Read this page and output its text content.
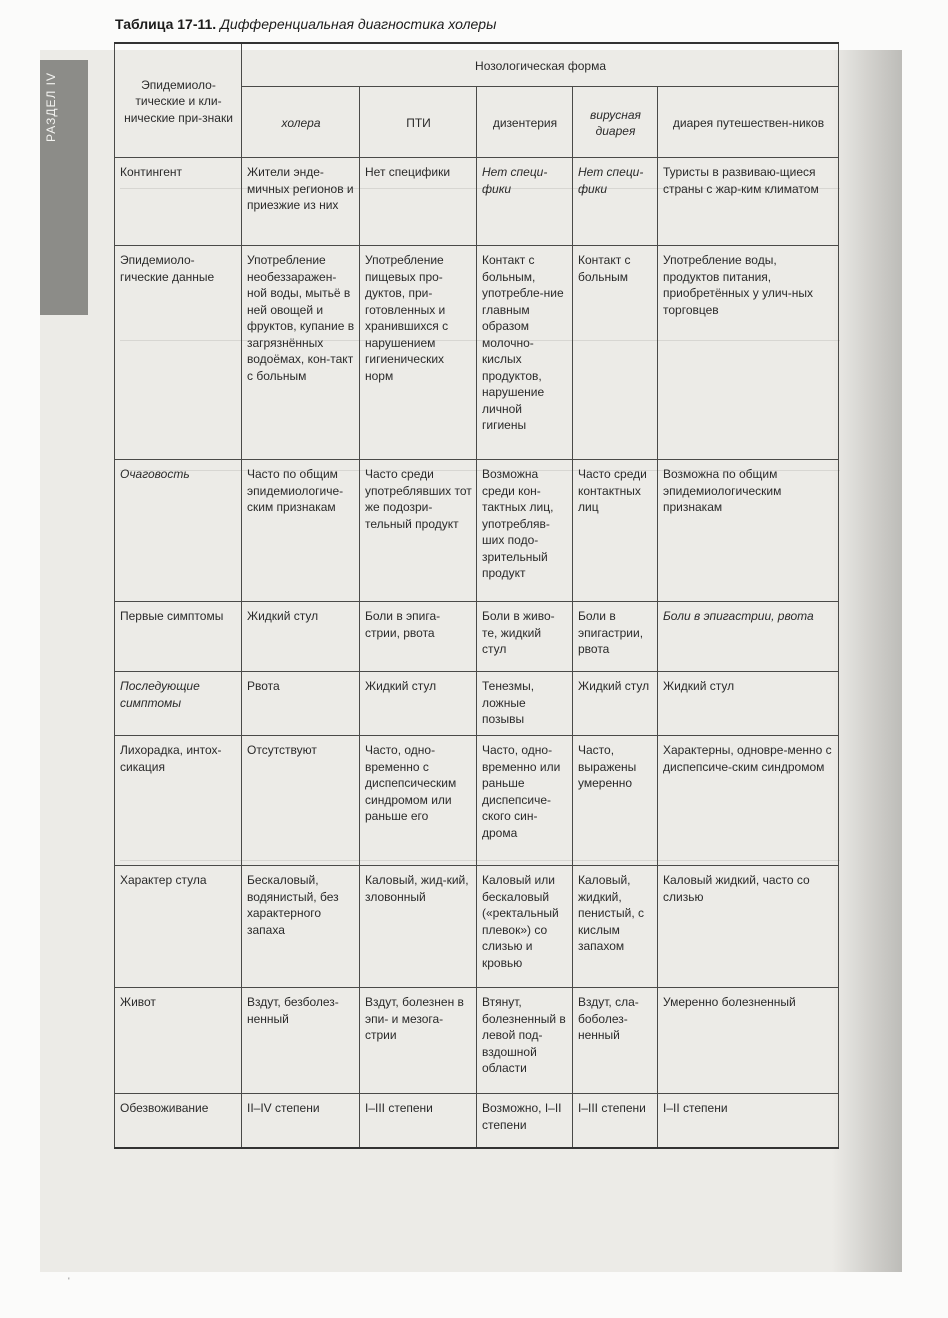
РАЗДЕЛ IV
Таблица 17-11. Дифференциальная диагностика холеры
Эпидемиоло-тические и кли-нические при-знаки	Нозологическая форма				
	холера	ПТИ	дизентерия	вирусная диарея	диарея путешествен-ников
Контингент	Жители энде-мичных регионов и приезжие из них	Нет специфики	Нет специ-фики	Нет специ-фики	Туристы в развиваю-щиеся страны с жар-ким климатом
Эпидемиоло-гические данные	Употребление необеззаражен-ной воды, мытьё в ней овощей и фруктов, купание в загрязнённых водоёмах, кон-такт с больным	Употребление пищевых про-дуктов, при-готовленных и хранившихся с нарушением гигиенических норм	Контакт с больным, употребле-ние главным образом молочно-кислых продуктов, нарушение личной гигиены	Контакт с больным	Употребление воды, продуктов питания, приобретённых у улич-ных торговцев
Очаговость	Часто по общим эпидемиологиче-ским признакам	Часто среди употреблявших тот же подозри-тельный продукт	Возможна среди кон-тактных лиц, употребляв-ших подо-зрительный продукт	Часто среди контактных лиц	Возможна по общим эпидемиологическим признакам
Первые симптомы	Жидкий стул	Боли в эпига-стрии, рвота	Боли в живо-те, жидкий стул	Боли в эпигастрии, рвота	Боли в эпигастрии, рвота
Последующие симптомы	Рвота	Жидкий стул	Тенезмы, ложные позывы	Жидкий стул	Жидкий стул
Лихорадка, интох-сикация	Отсутствуют	Часто, одно-временно с диспепсическим синдромом или раньше его	Часто, одно-временно или раньше диспепсиче-ского син-дрома	Часто, выражены умеренно	Характерны, одновре-менно с диспепсиче-ским синдромом
Характер стула	Бескаловый, водянистый, без характерного запаха	Каловый, жид-кий, зловонный	Каловый или бескаловый («ректальный плевок») со слизью и кровью	Каловый, жидкий, пенистый, с кислым запахом	Каловый жидкий, часто со слизью
Живот	Вздут, безболез-ненный	Вздут, болезнен в эпи- и мезога-стрии	Втянут, болезненный в левой под-вздошной области	Вздут, сла-боболез-ненный	Умеренно болезненный
Обезвоживание	II–IV степени	I–III степени	Возможно, I–II степени	I–III степени	I–II степени
'
